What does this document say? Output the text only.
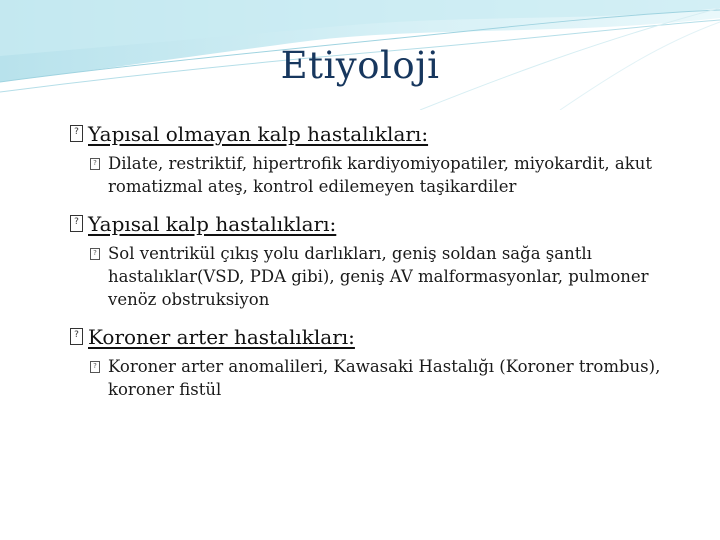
Etiyoloji
? Yapısal olmayan kalp hastalıkları:
? Dilate, restriktif, hipertrofik kardiyomiyopatiler, miyokardit, akut romatizmal ateş, kontrol edilemeyen taşikardiler
? Yapısal kalp hastalıkları:
? Sol ventrikül çıkış yolu darlıkları, geniş soldan sağa şantlı hastalıklar(VSD, PDA gibi), geniş AV malformasyonlar, pulmoner venöz obstruksiyon
? Koroner arter hastalıkları:
? Koroner arter anomalileri, Kawasaki Hastalığı (Koroner trombus), koroner fistül
